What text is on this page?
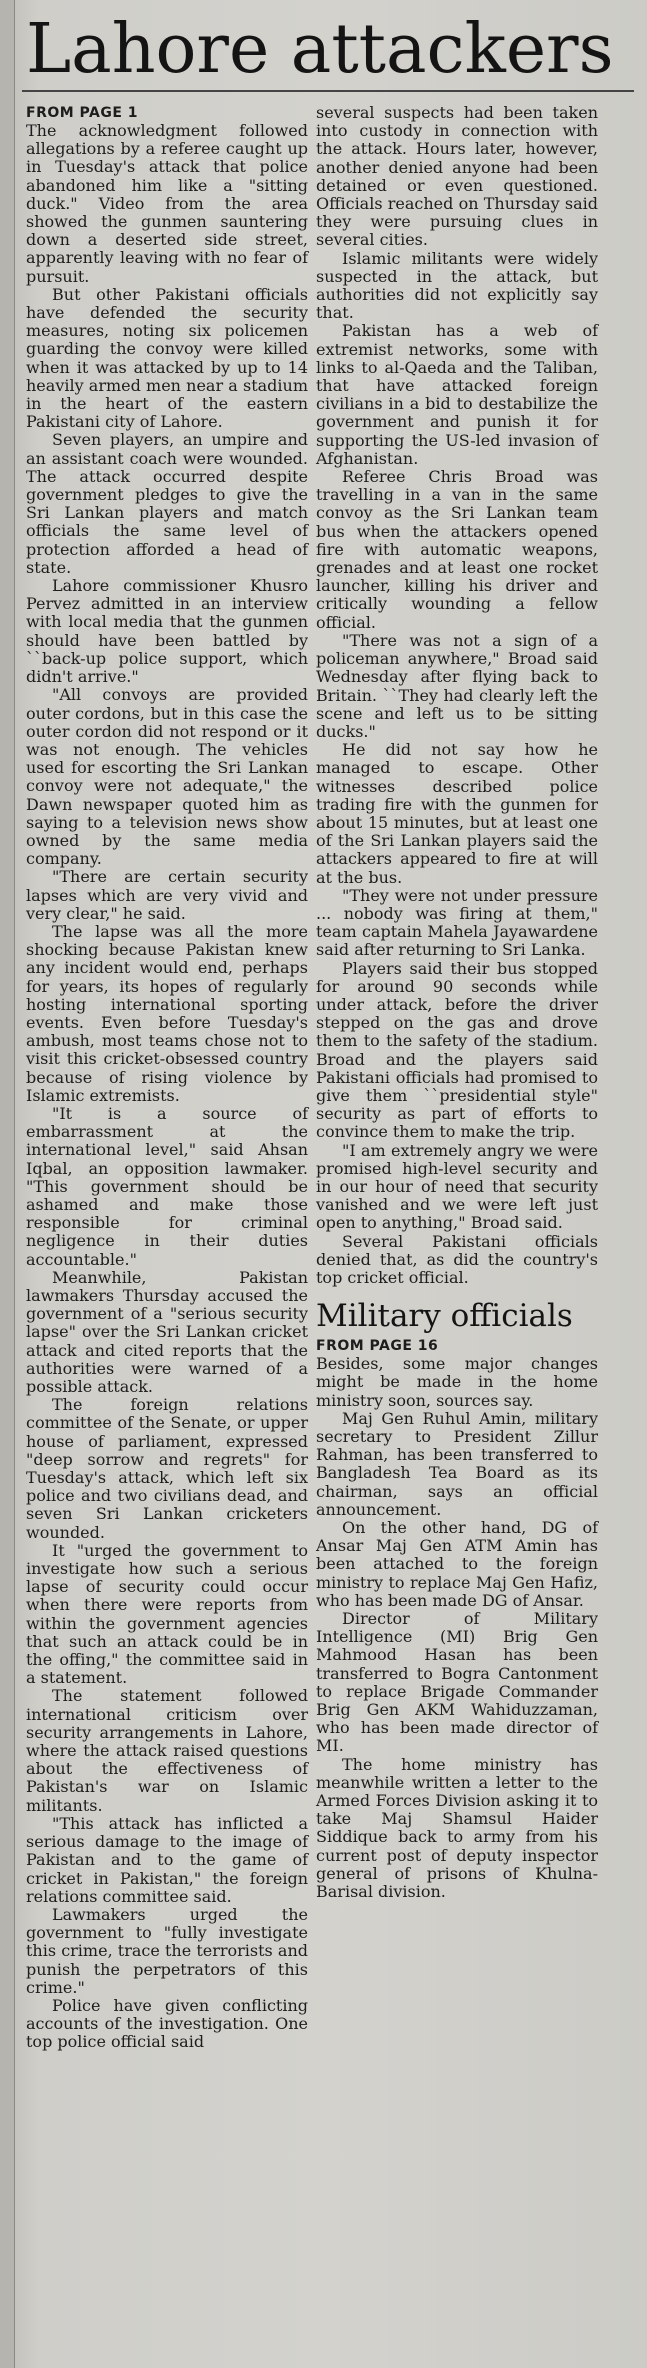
Lahore attackers
FROM PAGE 1

The acknowledgment followed allegations by a referee caught up in Tuesday's attack that police abandoned him like a "sitting duck." Video from the area showed the gunmen sauntering down a deserted side street, apparently leaving with no fear of pursuit.

But other Pakistani officials have defended the security measures, noting six policemen guarding the convoy were killed when it was attacked by up to 14 heavily armed men near a stadium in the heart of the eastern Pakistani city of Lahore.

Seven players, an umpire and an assistant coach were wounded. The attack occurred despite government pledges to give the Sri Lankan players and match officials the same level of protection afforded a head of state.

Lahore commissioner Khusro Pervez admitted in an interview with local media that the gunmen should have been battled by ``back-up police support, which didn't arrive."

"All convoys are provided outer cordons, but in this case the outer cordon did not respond or it was not enough. The vehicles used for escorting the Sri Lankan convoy were not adequate," the Dawn newspaper quoted him as saying to a television news show owned by the same media company.

"There are certain security lapses which are very vivid and very clear," he said.

The lapse was all the more shocking because Pakistan knew any incident would end, perhaps for years, its hopes of regularly hosting international sporting events. Even before Tuesday's ambush, most teams chose not to visit this cricket-obsessed country because of rising violence by Islamic extremists.

"It is a source of embarrassment at the international level," said Ahsan Iqbal, an opposition lawmaker. "This government should be ashamed and make those responsible for criminal negligence in their duties accountable."

Meanwhile, Pakistan lawmakers Thursday accused the government of a "serious security lapse" over the Sri Lankan cricket attack and cited reports that the authorities were warned of a possible attack.

The foreign relations committee of the Senate, or upper house of parliament, expressed "deep sorrow and regrets" for Tuesday's attack, which left six police and two civilians dead, and seven Sri Lankan cricketers wounded.

It "urged the government to investigate how such a serious lapse of security could occur when there were reports from within the government agencies that such an attack could be in the offing," the committee said in a statement.

The statement followed international criticism over security arrangements in Lahore, where the attack raised questions about the effectiveness of Pakistan's war on Islamic militants.

"This attack has inflicted a serious damage to the image of Pakistan and to the game of cricket in Pakistan," the foreign relations committee said.

Lawmakers urged the government to "fully investigate this crime, trace the terrorists and punish the perpetrators of this crime."

Police have given conflicting accounts of the investigation. One top police official said

several suspects had been taken into custody in connection with the attack. Hours later, however, another denied anyone had been detained or even questioned. Officials reached on Thursday said they were pursuing clues in several cities.

Islamic militants were widely suspected in the attack, but authorities did not explicitly say that.

Pakistan has a web of extremist networks, some with links to al-Qaeda and the Taliban, that have attacked foreign civilians in a bid to destabilize the government and punish it for supporting the US-led invasion of Afghanistan.

Referee Chris Broad was travelling in a van in the same convoy as the Sri Lankan team bus when the attackers opened fire with automatic weapons, grenades and at least one rocket launcher, killing his driver and critically wounding a fellow official.

"There was not a sign of a policeman anywhere," Broad said Wednesday after flying back to Britain. ``They had clearly left the scene and left us to be sitting ducks."

He did not say how he managed to escape. Other witnesses described police trading fire with the gunmen for about 15 minutes, but at least one of the Sri Lankan players said the attackers appeared to fire at will at the bus.

"They were not under pressure ... nobody was firing at them," team captain Mahela Jayawardene said after returning to Sri Lanka.

Players said their bus stopped for around 90 seconds while under attack, before the driver stepped on the gas and drove them to the safety of the stadium. Broad and the players said Pakistani officials had promised to give them ``presidential style" security as part of efforts to convince them to make the trip.

"I am extremely angry we were promised high-level security and in our hour of need that security vanished and we were left just open to anything," Broad said.

Several Pakistani officials denied that, as did the country's top cricket official.

Military officials
FROM PAGE 16

Besides, some major changes might be made in the home ministry soon, sources say.

Maj Gen Ruhul Amin, military secretary to President Zillur Rahman, has been transferred to Bangladesh Tea Board as its chairman, says an official announcement.

On the other hand, DG of Ansar Maj Gen ATM Amin has been attached to the foreign ministry to replace Maj Gen Hafiz, who has been made DG of Ansar.

Director of Military Intelligence (MI) Brig Gen Mahmood Hasan has been transferred to Bogra Cantonment to replace Brigade Commander Brig Gen AKM Wahiduzzaman, who has been made director of MI.

The home ministry has meanwhile written a letter to the Armed Forces Division asking it to take Maj Shamsul Haider Siddique back to army from his current post of deputy inspector general of prisons of Khulna-Barisal division.
